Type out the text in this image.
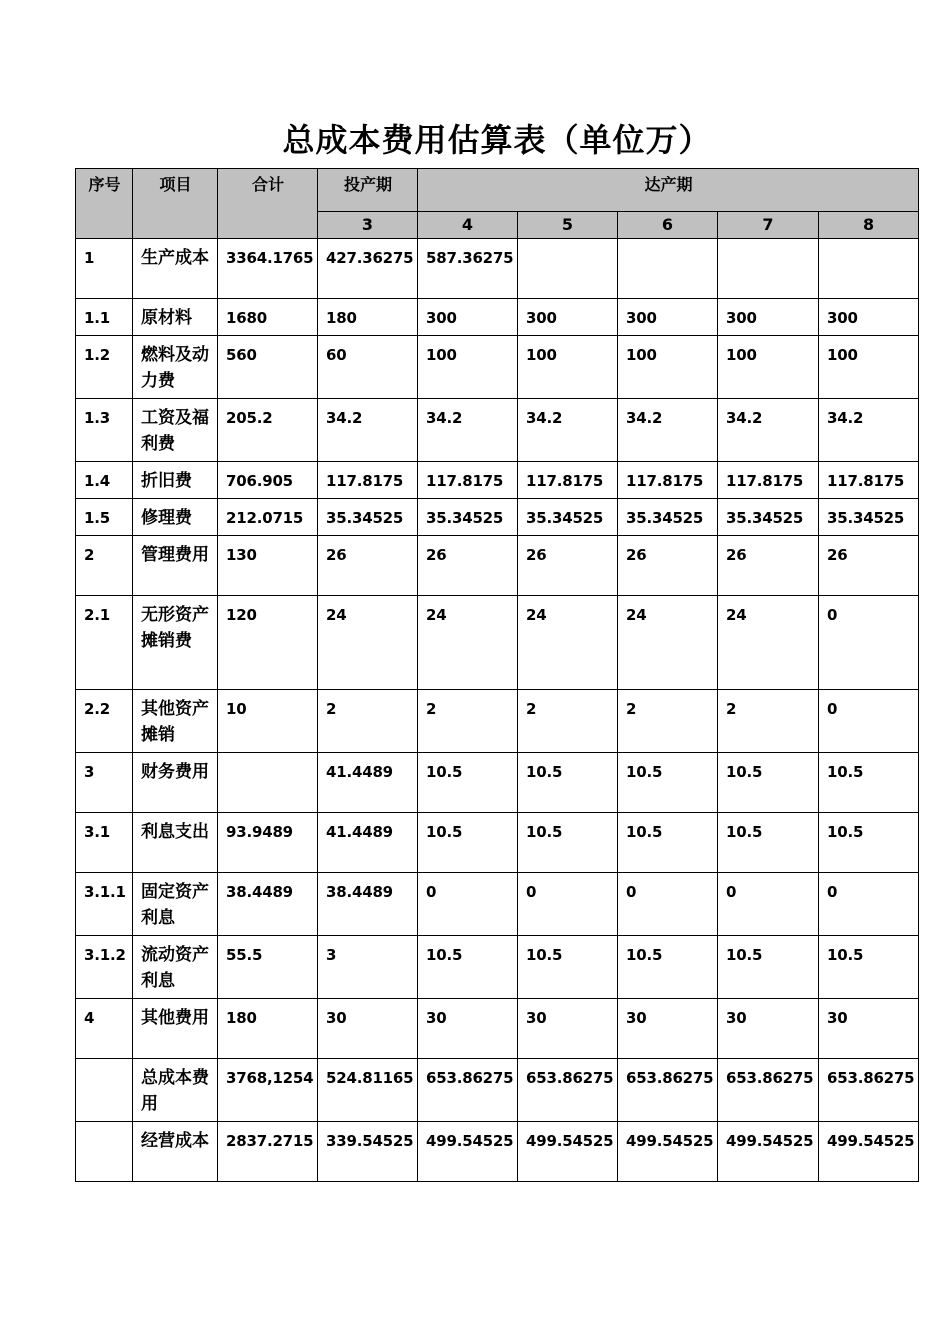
总成本费用估算表（单位万）
序号	项目	合计	投产期	达产期				
			3	4	5	6	7	8
1	生产成本	3364.1765	427.36275	587.36275				
1.1	原材料	1680	180	300	300	300	300	300
1.2	燃料及动力费	560	60	100	100	100	100	100
1.3	工资及福利费	205.2	34.2	34.2	34.2	34.2	34.2	34.2
1.4	折旧费	706.905	117.8175	117.8175	117.8175	117.8175	117.8175	117.8175
1.5	修理费	212.0715	35.34525	35.34525	35.34525	35.34525	35.34525	35.34525
2	管理费用	130	26	26	26	26	26	26
2.1	无形资产摊销费	120	24	24	24	24	24	0
2.2	其他资产摊销	10	2	2	2	2	2	0
3	财务费用		41.4489	10.5	10.5	10.5	10.5	10.5
3.1	利息支出	93.9489	41.4489	10.5	10.5	10.5	10.5	10.5
3.1.1	固定资产利息	38.4489	38.4489	0	0	0	0	0
3.1.2	流动资产利息	55.5	3	10.5	10.5	10.5	10.5	10.5
4	其他费用	180	30	30	30	30	30	30
	总成本费用	3768,1254	524.81165	653.86275	653.86275	653.86275	653.86275	653.86275
	经营成本	2837.2715	339.54525	499.54525	499.54525	499.54525	499.54525	499.54525
